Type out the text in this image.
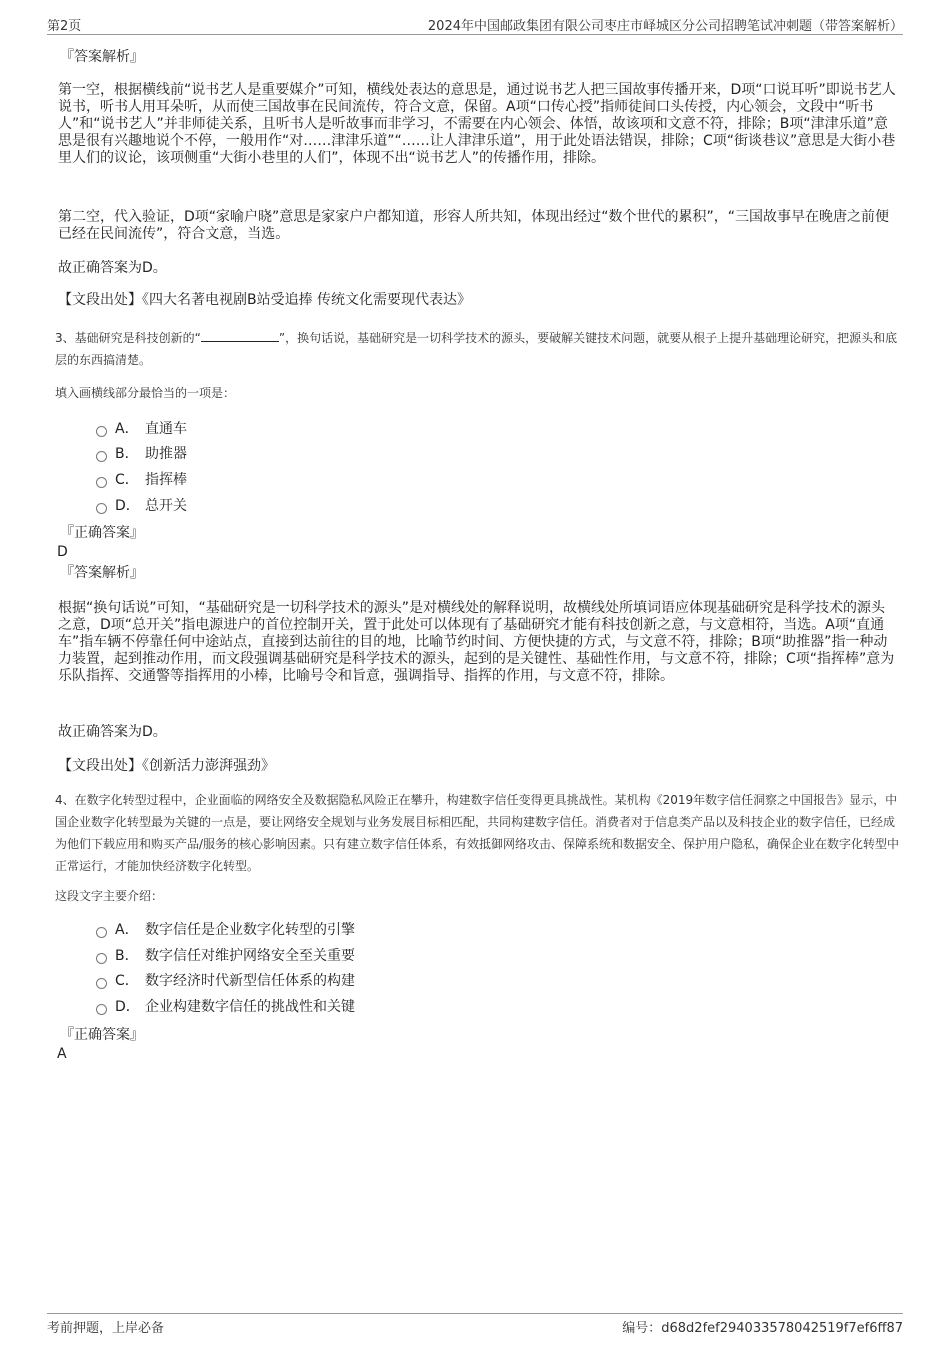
第2页	2024年中国邮政集团有限公司枣庄市峄城区分公司招聘笔试冲刺题（带答案解析）
『答案解析』

第一空，根据横线前“说书艺人是重要媒介”可知，横线处表达的意思是，通过说书艺人把三国故事传播开来，D项“口说耳听”即说书艺人说书，听书人用耳朵听，从而使三国故事在民间流传，符合文意，保留。A项“口传心授”指师徒间口头传授，内心领会，文段中“听书人”和“说书艺人”并非师徒关系，且听书人是听故事而非学习，不需要在内心领会、体悟，故该项和文意不符，排除；B项“津津乐道”意思是很有兴趣地说个不停，一般用作“对……津津乐道”“……让人津津乐道”，用于此处语法错误，排除；C项“街谈巷议”意思是大街小巷里人们的议论，该项侧重“大街小巷里的人们”，体现不出“说书艺人”的传播作用，排除。

第二空，代入验证，D项“家喻户晓”意思是家家户户都知道，形容人所共知，体现出经过“数个世代的累积”，“三国故事早在晚唐之前便已经在民间流传”，符合文意，当选。

故正确答案为D。

【文段出处】《四大名著电视剧B站受追捧 传统文化需要现代表达》

3、基础研究是科技创新的“	”，换句话说，基础研究是一切科学技术的源头，要破解关键技术问题，就要从根子上提升基础理论研究，把源头和底层的东西搞清楚。

填入画横线部分最恰当的一项是：
A． 直通车
B． 助推器
C． 指挥棒
D． 总开关
『正确答案』
D
『答案解析』

根据“换句话说”可知，“基础研究是一切科学技术的源头”是对横线处的解释说明，故横线处所填词语应体现基础研究是科学技术的源头之意，D项“总开关”指电源进户的首位控制开关，置于此处可以体现有了基础研究才能有科技创新之意，与文意相符，当选。A项“直通车”指车辆不停靠任何中途站点，直接到达前往的目的地，比喻节约时间、方便快捷的方式，与文意不符，排除；B项“助推器”指一种动力装置，起到推动作用，而文段强调基础研究是科学技术的源头，起到的是关键性、基础性作用，与文意不符，排除；C项“指挥棒”意为乐队指挥、交通警等指挥用的小棒，比喻号令和旨意，强调指导、指挥的作用，与文意不符，排除。

故正确答案为D。

【文段出处】《创新活力澎湃强劲》

4、在数字化转型过程中，企业面临的网络安全及数据隐私风险正在攀升，构建数字信任变得更具挑战性。某机构《2019年数字信任洞察之中国报告》显示，中国企业数字化转型最为关键的一点是，要让网络安全规划与业务发展目标相匹配，共同构建数字信任。消费者对于信息类产品以及科技企业的数字信任，已经成为他们下载应用和购买产品/服务的核心影响因素。只有建立数字信任体系，有效抵御网络攻击、保障系统和数据安全、保护用户隐私，确保企业在数字化转型中正常运行，才能加快经济数字化转型。

这段文字主要介绍：
A． 数字信任是企业数字化转型的引擎
B． 数字信任对维护网络安全至关重要
C． 数字经济时代新型信任体系的构建
D． 企业构建数字信任的挑战性和关键
『正确答案』
A
考前押题，上岸必备	编号：d68d2fef294033578042519f7ef6ff87
